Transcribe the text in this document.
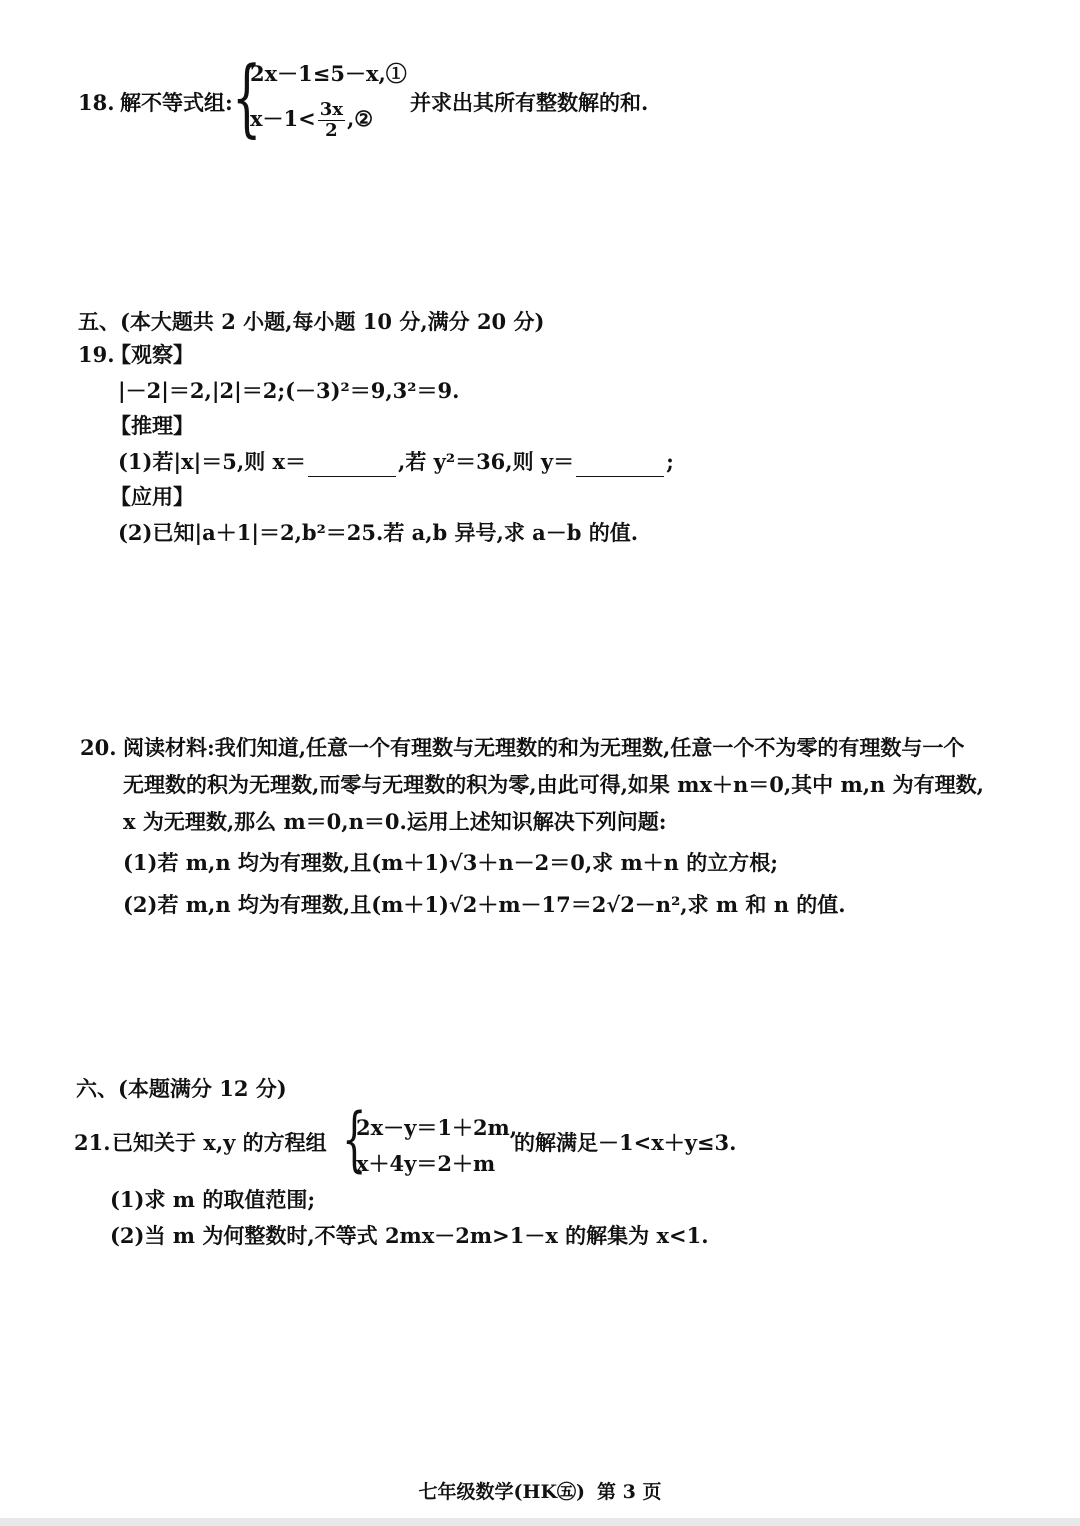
18. 解不等式组: {
2x－1≤5－x,①
$x-1< \frac{3x}{2}$ ,②
并求出其所有整数解的和.
五、(本大题共 2 小题,每小题 10 分,满分 20 分)
19.
【观察】
|－2|＝2,|2|＝2;(－3)²＝9,3²＝9.
【推理】
(1)若|x|＝5,则 x＝	,若 y²＝36,则 y＝	;
【应用】
(2)已知|a＋1|＝2,b²＝25.若 a,b 异号,求 a－b 的值.
20. 阅读材料:我们知道,任意一个有理数与无理数的和为无理数,任意一个不为零的有理数与一个
无理数的积为无理数,而零与无理数的积为零,由此可得,如果 mx＋n＝0,其中 m,n 为有理数,
x 为无理数,那么 m＝0,n＝0.运用上述知识解决下列问题:
(1)若 m,n 均为有理数,且(m＋1)√3＋n－2＝0,求 m＋n 的立方根;
(2)若 m,n 均为有理数,且(m＋1)√2＋m－17＝2√2－n²,求 m 和 n 的值.
六、(本题满分 12 分)
21. 已知关于 x,y 的方程组 {
2x－y＝1＋2m,
x＋4y＝2＋m
的解满足－1<x＋y≤3.
(1)求 m 的取值范围;
(2)当 m 为何整数时,不等式 2mx－2m>1－x 的解集为 x<1.
七年级数学(HK㊄) 第 3 页
